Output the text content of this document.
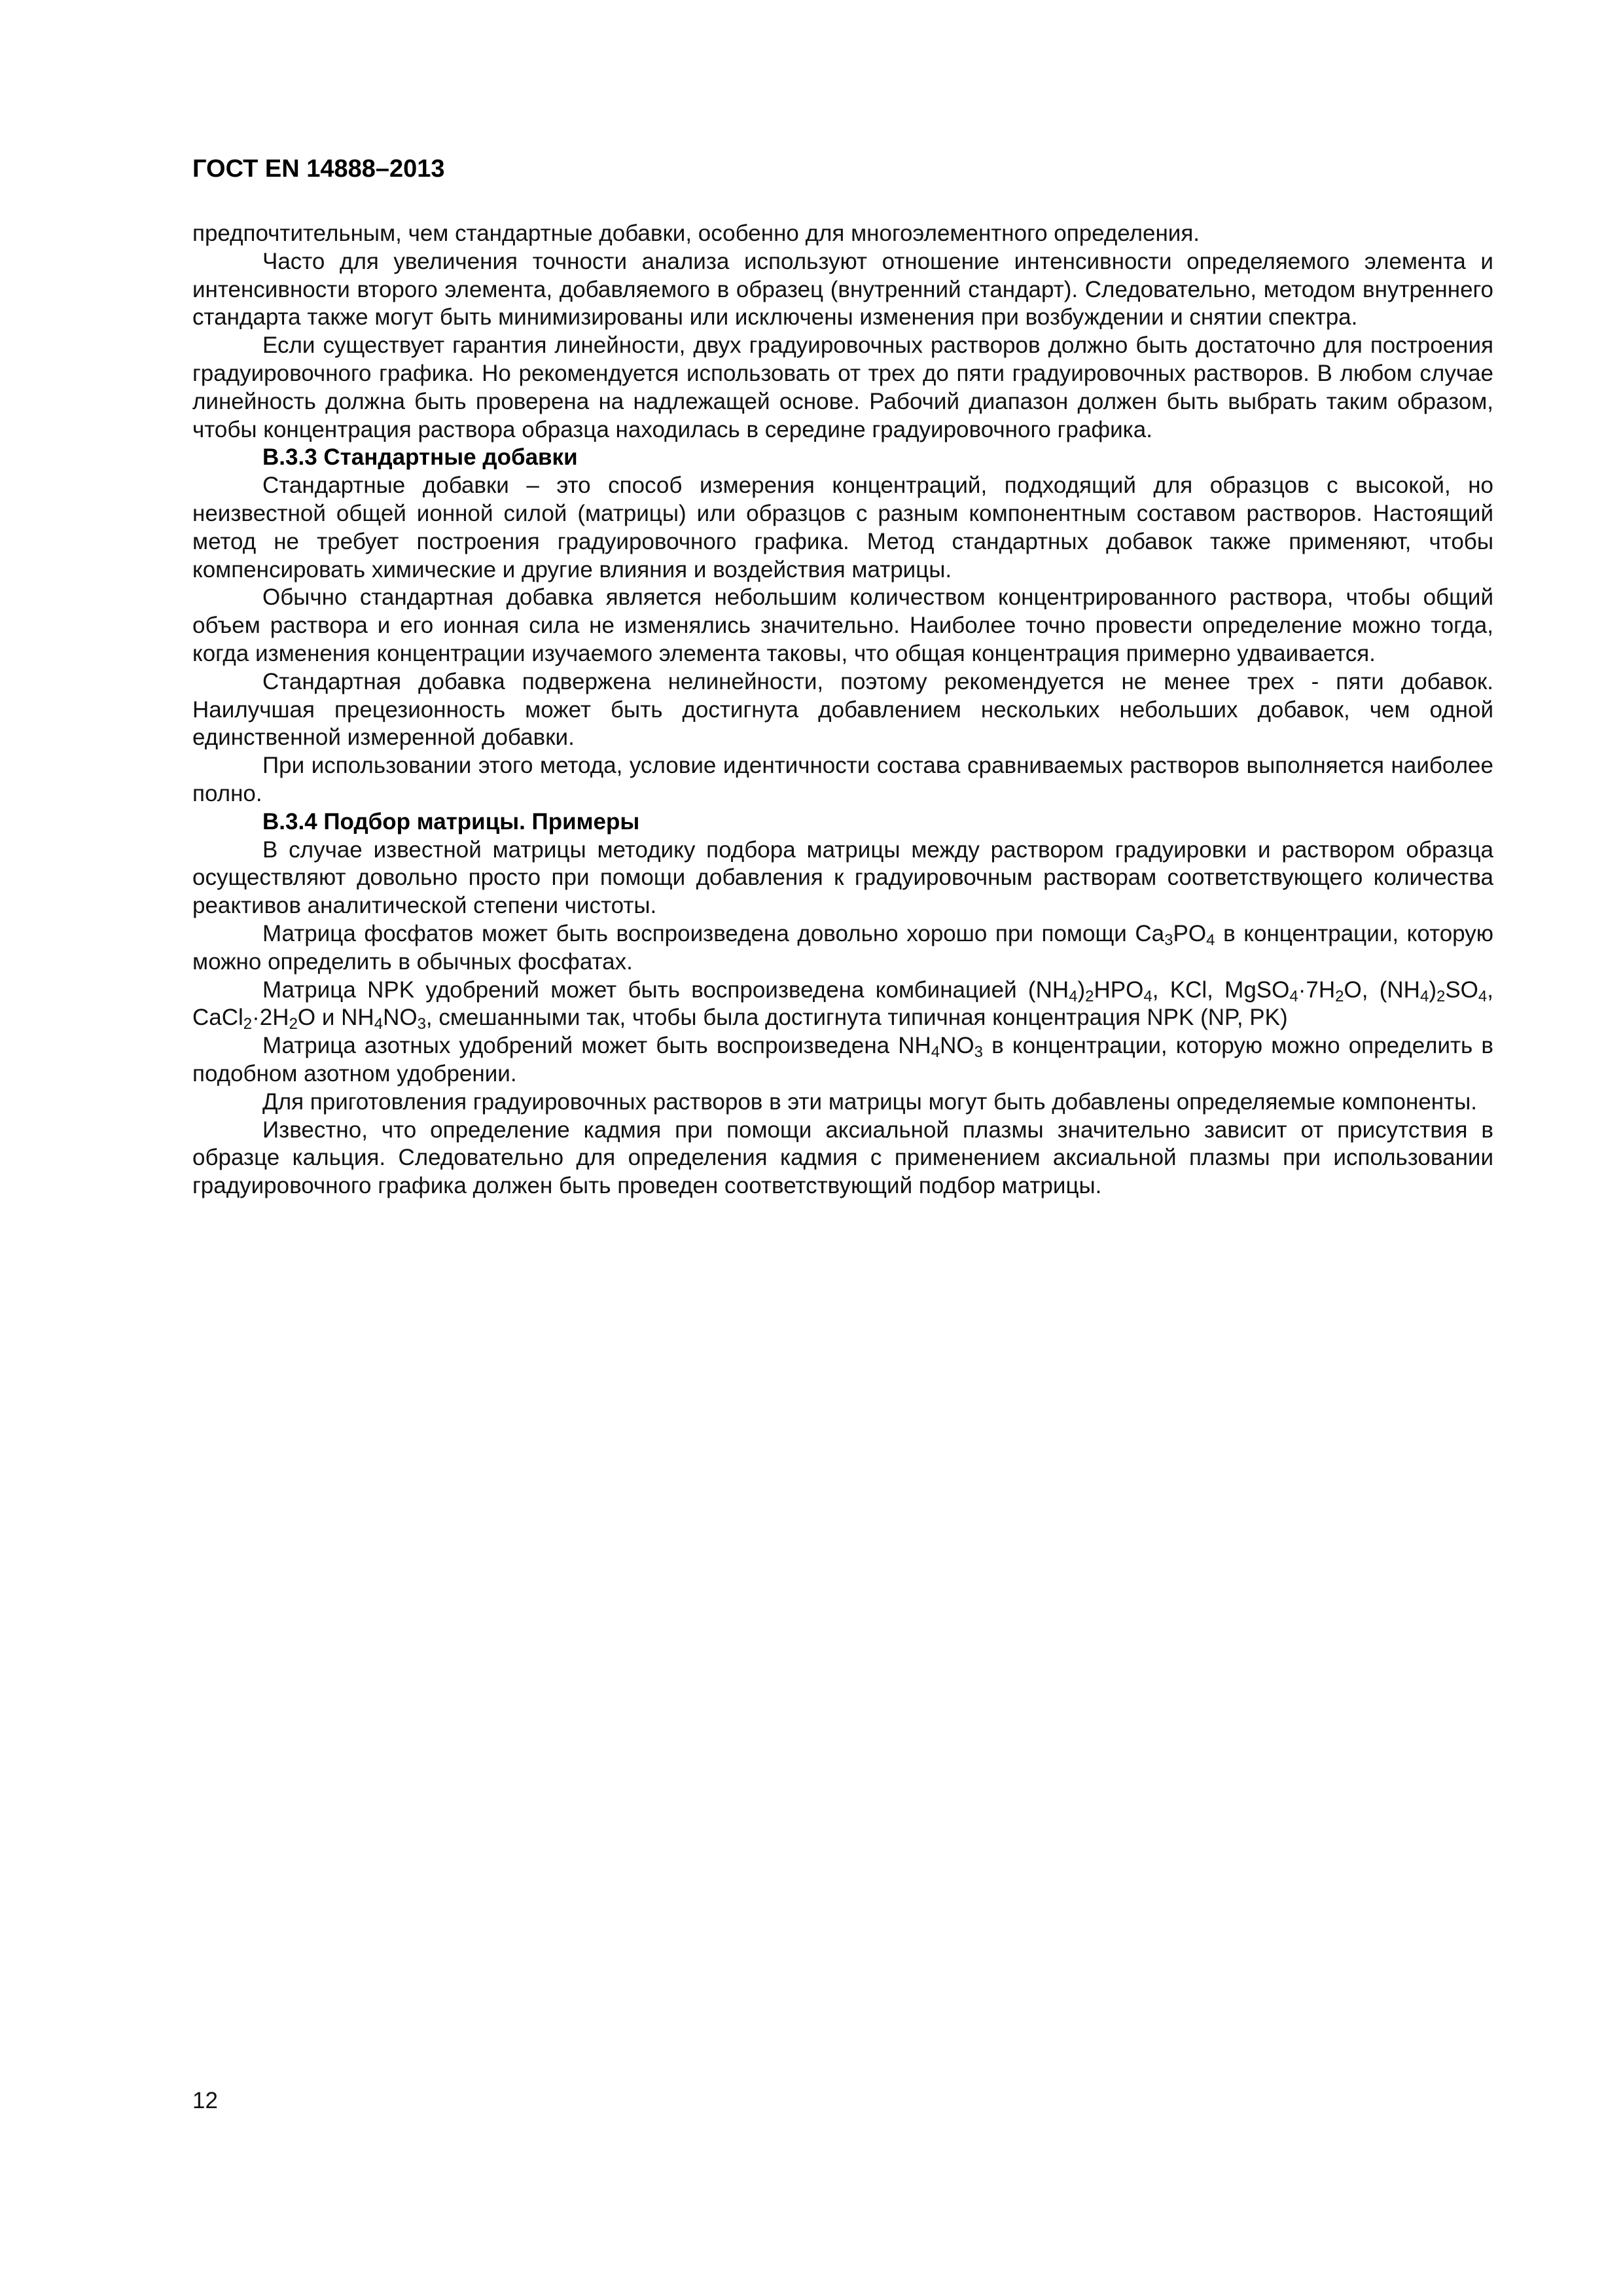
ГОСТ EN 14888–2013

предпочтительным, чем стандартные добавки, особенно для многоэлементного определения.

Часто для увеличения точности анализа используют отношение интенсивности определяемого элемента и интенсивности второго элемента, добавляемого в образец (внутренний стандарт). Следовательно, методом внутреннего стандарта также могут быть минимизированы или исключены изменения при возбуждении и снятии спектра.

Если существует гарантия линейности, двух градуировочных растворов должно быть достаточно для построения градуировочного графика. Но рекомендуется использовать от трех до пяти градуировочных растворов. В любом случае линейность должна быть проверена на надлежащей основе. Рабочий диапазон должен быть выбрать таким образом, чтобы концентрация раствора образца находилась в середине градуировочного графика.

В.3.3 Стандартные добавки

Стандартные добавки – это способ измерения концентраций, подходящий для образцов с высокой, но неизвестной общей ионной силой (матрицы) или образцов с разным компонентным составом растворов. Настоящий метод не требует построения градуировочного графика. Метод стандартных добавок также применяют, чтобы компенсировать химические и другие влияния и воздействия матрицы.

Обычно стандартная добавка является небольшим количеством концентрированного раствора, чтобы общий объем раствора и его ионная сила не изменялись значительно. Наиболее точно провести определение можно тогда, когда изменения концентрации изучаемого элемента таковы, что общая концентрация примерно удваивается.

Стандартная добавка подвержена нелинейности, поэтому рекомендуется не менее трех - пяти добавок. Наилучшая прецезионность может быть достигнута добавлением нескольких небольших добавок, чем одной единственной измеренной добавки.

При использовании этого метода, условие идентичности состава сравниваемых растворов выполняется наиболее полно.

В.3.4 Подбор матрицы. Примеры

В случае известной матрицы методику подбора матрицы между раствором градуировки и раствором образца осуществляют довольно просто при помощи добавления к градуировочным растворам соответствующего количества реактивов аналитической степени чистоты.

Матрица фосфатов может быть воспроизведена довольно хорошо при помощи $Ca_3PO_4$ в концентрации, которую можно определить в обычных фосфатах.

Матрица NPK удобрений может быть воспроизведена комбинацией $(NH_4)_2HPO_4$, KCl, $MgSO_4\cdot 7H_2O$, $(NH_4)_2SO_4$, $CaCl_2\cdot 2H_2O$ и $NH_4NO_3$, смешанными так, чтобы была достигнута типичная концентрация NPK (NP, PK)

Матрица азотных удобрений может быть воспроизведена $NH_4NO_3$ в концентрации, которую можно определить в подобном азотном удобрении.

Для приготовления градуировочных растворов в эти матрицы могут быть добавлены определяемые компоненты.

Известно, что определение кадмия при помощи аксиальной плазмы значительно зависит от присутствия в образце кальция. Следовательно для определения кадмия с применением аксиальной плазмы при использовании градуировочного графика должен быть проведен соответствующий подбор матрицы.

12
